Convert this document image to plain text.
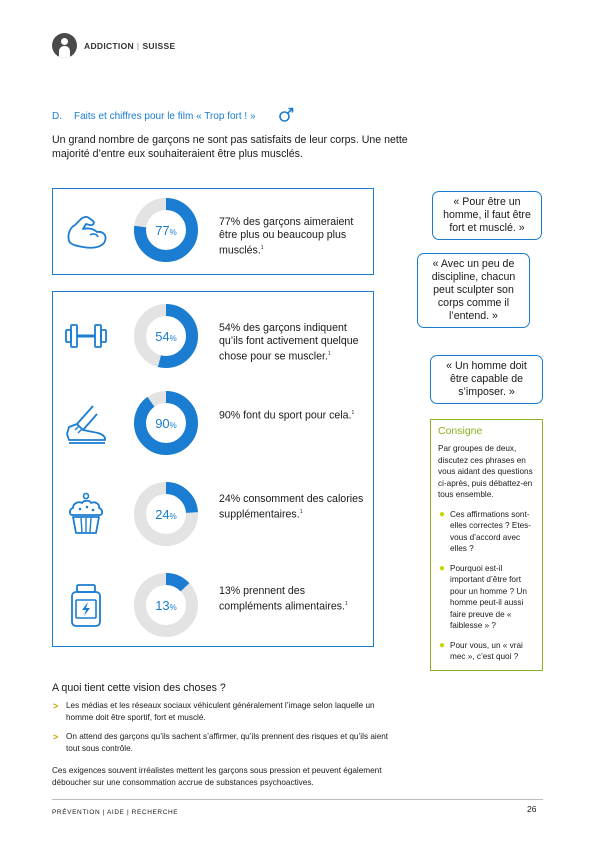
ADDICTION | SUISSE
D. Faits et chiffres pour le film « Trop fort ! »

Un grand nombre de garçons ne sont pas satisfaits de leur corps. Une nette majorité d’entre eux souhaiteraient être plus musclés.

77 %
77% des garçons aimeraient être plus ou beaucoup plus musclés.$^1$
54 %
54% des garçons indiquent qu’ils font activement quelque chose pour se muscler.$^1$
90 %
90% font du sport pour cela.$^1$
24 %
24% consomment des calories supplémentaires.$^1$
13 %
13% prennent des compléments alimentaires.$^1$
« Pour être un homme, il faut être fort et musclé. »
« Avec un peu de discipline, chacun peut sculpter son corps comme il l’entend. »
« Un homme doit être capable de s’imposer. »
Consigne

Par groupes de deux, discutez ces phrases en vous aidant des questions ci-après, puis débattez-en tous ensemble.

● Ces affirmations sont-elles correctes ? Etes-vous d’accord avec elles ?
● Pourquoi est-il important d’être fort pour un homme ? Un homme peut-il aussi faire preuve de « faiblesse » ?
● Pour vous, un « vrai mec », c’est quoi ?
A quoi tient cette vision des choses ?
> Les médias et les réseaux sociaux véhiculent généralement l’image selon laquelle un homme doit être sportif, fort et musclé.
> On attend des garçons qu’ils sachent s’affirmer, qu’ils prennent des risques et qu’ils aient tout sous contrôle.

Ces exigences souvent irréalistes mettent les garçons sous pression et peuvent également déboucher sur une consommation accrue de substances psychoactives.

PRÉVENTION | AIDE | RECHERCHE	26
